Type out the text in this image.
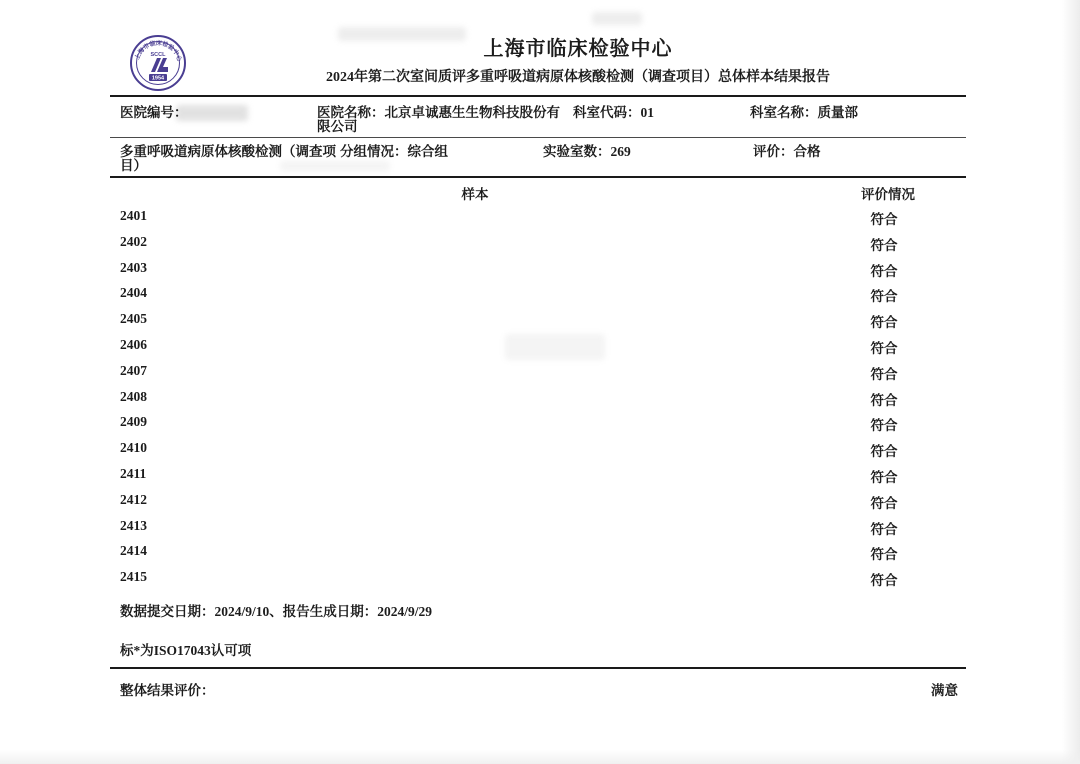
上海市临床检验中心
SCCL
1954
上海市临床检验中心
2024年第二次室间质评多重呼吸道病原体核酸检测（调查项目）总体样本结果报告
医院编号：	医院名称：北京卓诚惠生生物科技股份有限公司
科室代码：01	科室名称：质量部
多重呼吸道病原体核酸检测（调查项目）
分组情况：综合组	实验室数：269	评价：合格
样本	评价情况
2401	符合
2402	符合
2403	符合
2404	符合
2405	符合
2406	符合
2407	符合
2408	符合
2409	符合
2410	符合
2411	符合
2412	符合
2413	符合
2414	符合
2415	符合
数据提交日期：2024/9/10、报告生成日期：2024/9/29
标*为ISO17043认可项
整体结果评价：	满意
